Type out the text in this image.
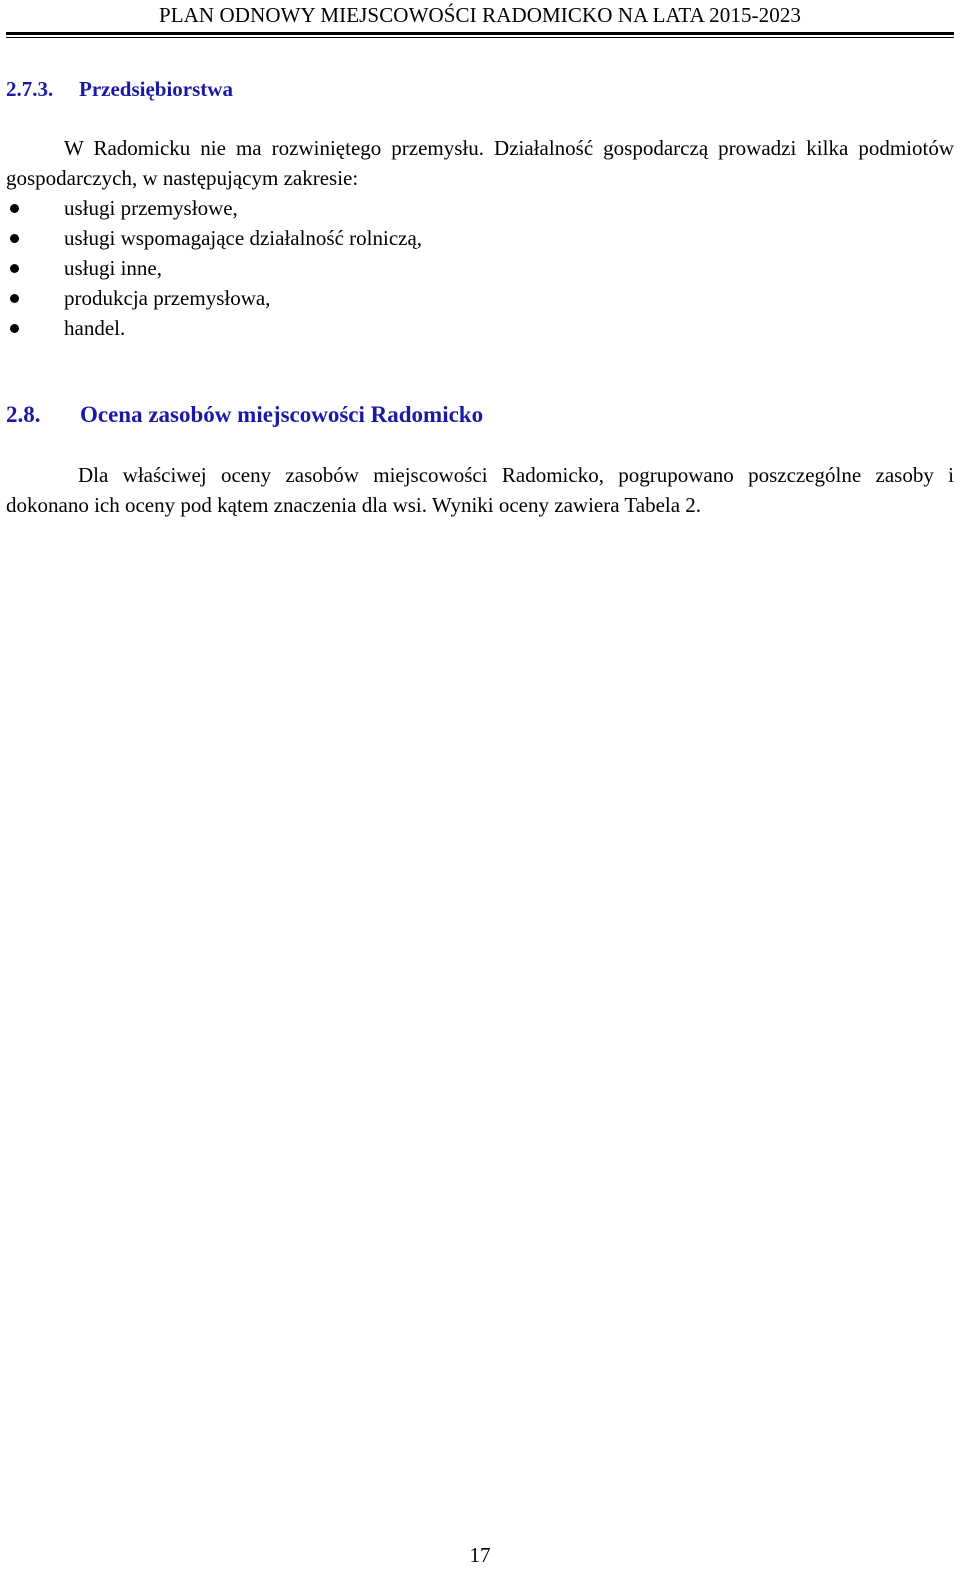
PLAN ODNOWY MIEJSCOWOŚCI RADOMICKO NA LATA 2015-2023
2.7.3. Przedsiębiorstwa

W Radomicku nie ma rozwiniętego przemysłu. Działalność gospodarczą prowadzi kilka podmiotów gospodarczych, w następującym zakresie:

usługi przemysłowe,
usługi wspomagające działalność rolniczą,
usługi inne,
produkcja przemysłowa,
handel.
2.8. Ocena zasobów miejscowości Radomicko

Dla właściwej oceny zasobów miejscowości Radomicko, pogrupowano poszczególne zasoby i dokonano ich oceny pod kątem znaczenia dla wsi. Wyniki oceny zawiera Tabela 2.

17
